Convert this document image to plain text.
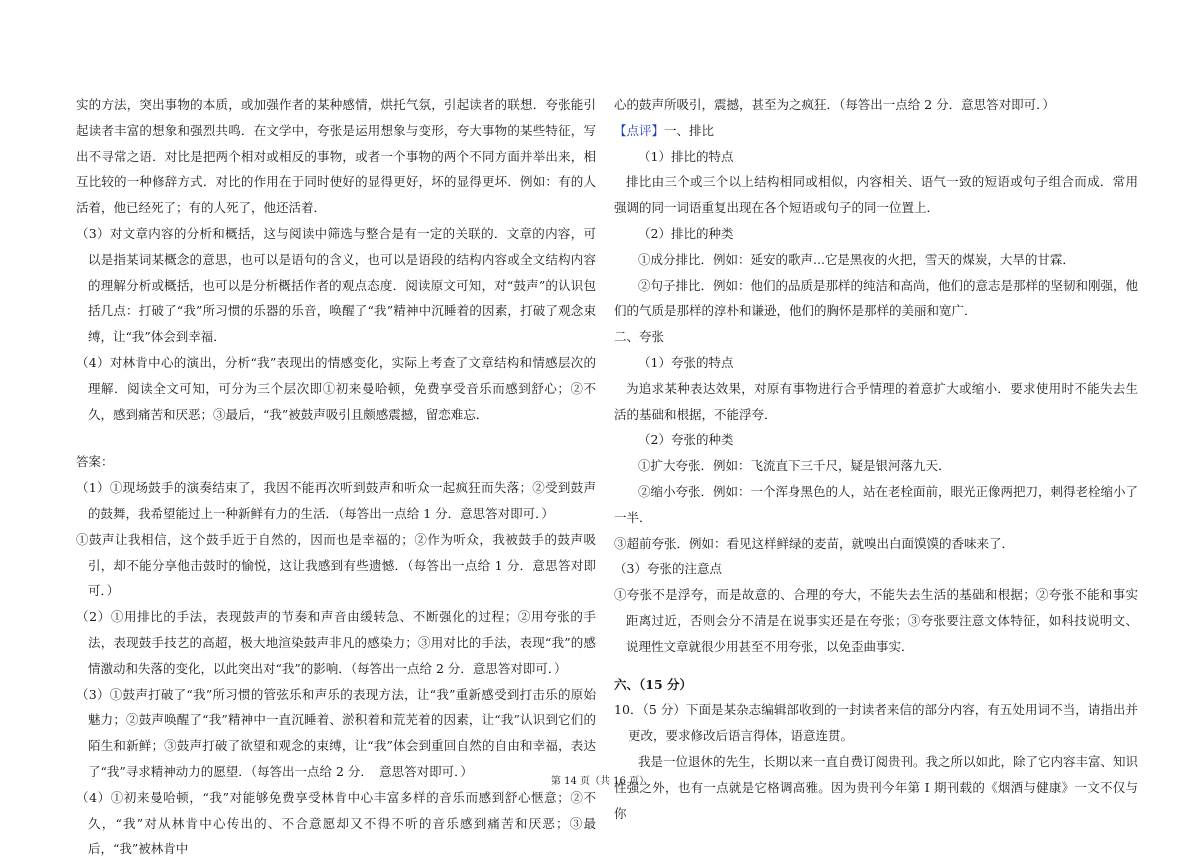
实的方法，突出事物的本质，或加强作者的某种感情，烘托气氛，引起读者的联想．夸张能引起读者丰富的想象和强烈共鸣．在文学中，夸张是运用想象与变形，夸大事物的某些特征，写出不寻常之语．对比是把两个相对或相反的事物，或者一个事物的两个不同方面并举出来，相互比较的一种修辞方式．对比的作用在于同时使好的显得更好，坏的显得更坏．例如：有的人活着，他已经死了；有的人死了，他还活着．

（3）对文章内容的分析和概括，这与阅读中筛选与整合是有一定的关联的．文章的内容，可以是指某词某概念的意思，也可以是语句的含义，也可以是语段的结构内容或全文结构内容的理解分析或概括，也可以是分析概括作者的观点态度．阅读原文可知，对“鼓声”的认识包括几点：打破了“我”所习惯的乐器的乐音，唤醒了“我”精神中沉睡着的因素，打破了观念束缚，让“我”体会到幸福．

（4）对林肯中心的演出，分析“我”表现出的情感变化，实际上考查了文章结构和情感层次的理解．阅读全文可知，可分为三个层次即①初来曼哈顿，免费享受音乐而感到舒心；②不久，感到痛苦和厌恶；③最后，“我”被鼓声吸引且颇感震撼，留恋难忘．

答案：

（1）①现场鼓手的演奏结束了，我因不能再次听到鼓声和听众一起疯狂而失落；②受到鼓声的鼓舞，我希望能过上一种新鲜有力的生活．（每答出一点给 1 分．意思答对即可．）

①鼓声让我相信，这个鼓手近于自然的，因而也是幸福的；②作为听众，我被鼓手的鼓声吸引，却不能分享他击鼓时的愉悦，这让我感到有些遗憾．（每答出一点给 1 分．意思答对即可．）

（2）①用排比的手法，表现鼓声的节奏和声音由缓转急、不断强化的过程；②用夸张的手法，表现鼓手技艺的高超，极大地渲染鼓声非凡的感染力；③用对比的手法，表现“我”的感情激动和失落的变化，以此突出对“我”的影响．（每答出一点给 2 分．意思答对即可．）

（3）①鼓声打破了“我”所习惯的管弦乐和声乐的表现方法，让“我”重新感受到打击乐的原始魅力；②鼓声唤醒了“我”精神中一直沉睡着、淤积着和荒芜着的因素，让“我”认识到它们的陌生和新鲜；③鼓声打破了欲望和观念的束缚，让“我”体会到重回自然的自由和幸福，表达了“我”寻求精神动力的愿望．（每答出一点给 2 分．　意思答对即可．）

（4）①初来曼哈顿，“我”对能够免费享受林肯中心丰富多样的音乐而感到舒心惬意；②不久，“我”对从林肯中心传出的、不合意愿却又不得不听的音乐感到痛苦和厌恶；③最后，“我”被林肯中

心的鼓声所吸引，震撼，甚至为之疯狂．（每答出一点给 2 分．意思答对即可．）

【点评】一、排比

（1）排比的特点

排比由三个或三个以上结构相同或相似，内容相关、语气一致的短语或句子组合而成．常用强调的同一词语重复出现在各个短语或句子的同一位置上．

（2）排比的种类

①成分排比．例如：延安的歌声...它是黑夜的火把，雪天的煤炭，大旱的甘霖．

②句子排比．例如：他们的品质是那样的纯洁和高尚，他们的意志是那样的坚韧和刚强，他们的气质是那样的淳朴和谦逊，他们的胸怀是那样的美丽和宽广．

二、夸张

（1）夸张的特点

为追求某种表达效果，对原有事物进行合乎情理的着意扩大或缩小．要求使用时不能失去生活的基础和根据，不能浮夸．

（2）夸张的种类

①扩大夸张．例如：飞流直下三千尺，疑是银河落九天．

②缩小夸张．例如：一个浑身黑色的人，站在老栓面前，眼光正像两把刀，刺得老栓缩小了一半．

③超前夸张．例如：看见这样鲜绿的麦苗，就嗅出白面馍馍的香味来了．

（3）夸张的注意点

①夸张不是浮夸，而是故意的、合理的夸大，不能失去生活的基础和根据；②夸张不能和事实距离过近，否则会分不清是在说事实还是在夸张；③夸张要注意文体特征，如科技说明文、说理性文章就很少用甚至不用夸张，以免歪曲事实．

六、（15 分）

10．（5 分）下面是某杂志编辑部收到的一封读者来信的部分内容，有五处用词不当，请指出并更改，要求修改后语言得体，语意连贯。

我是一位退休的先生，长期以来一直自费订阅贵刊。我之所以如此，除了它内容丰富、知识性强之外，也有一点就是它格调高雅。因为贵刊今年第 Ⅰ 期刊载的《烟酒与健康》一文不仅与你

第 14 页（共 16 页）
